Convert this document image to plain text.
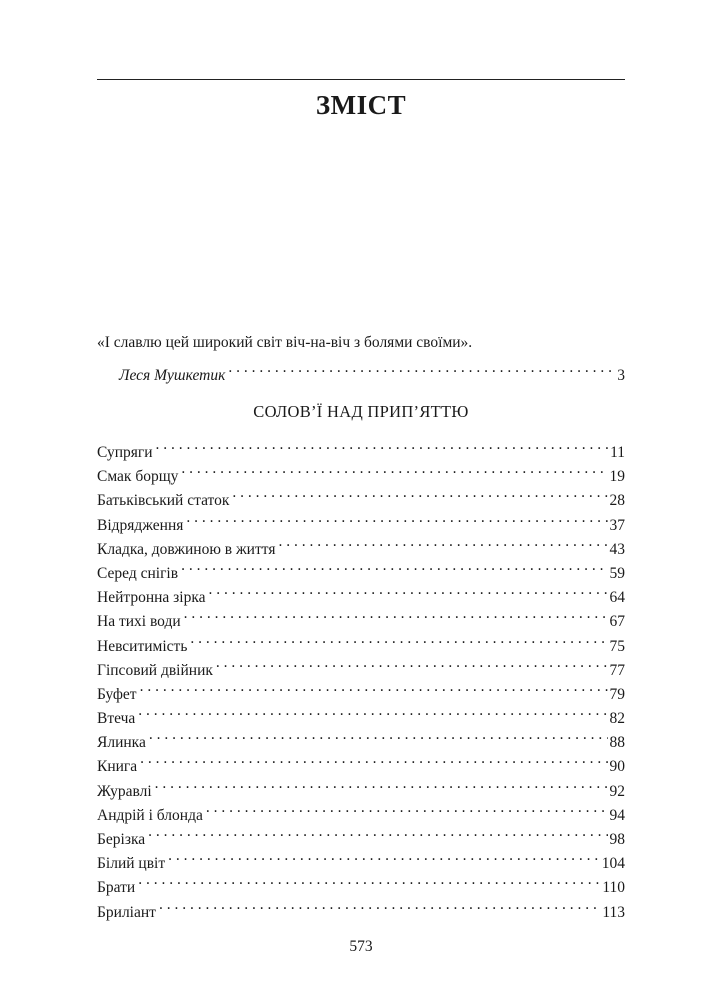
ЗМІСТ
«І славлю цей широкий світ віч-на-віч з болями своїми».
Леся Мушкетик . . .	3
СОЛОВ’Ї НАД ПРИП’ЯТТЮ
Супряги . . .	11
Смак борщу . . .	19
Батьківський статок . . .	28
Відрядження . . .	37
Кладка, довжиною в життя . . .	43
Серед снігів . . .	59
Нейтронна зірка . . .	64
На тихі води . . .	67
Невситимість . . .	75
Гіпсовий двійник . . .	77
Буфет . . .	79
Втеча . . .	82
Ялинка . . .	88
Книга . . .	90
Журавлі . . .	92
Андрій і блонда . . .	94
Берізка . . .	98
Білий цвіт . . .	104
Брати . . .	110
Бриліант . . .	113
573
